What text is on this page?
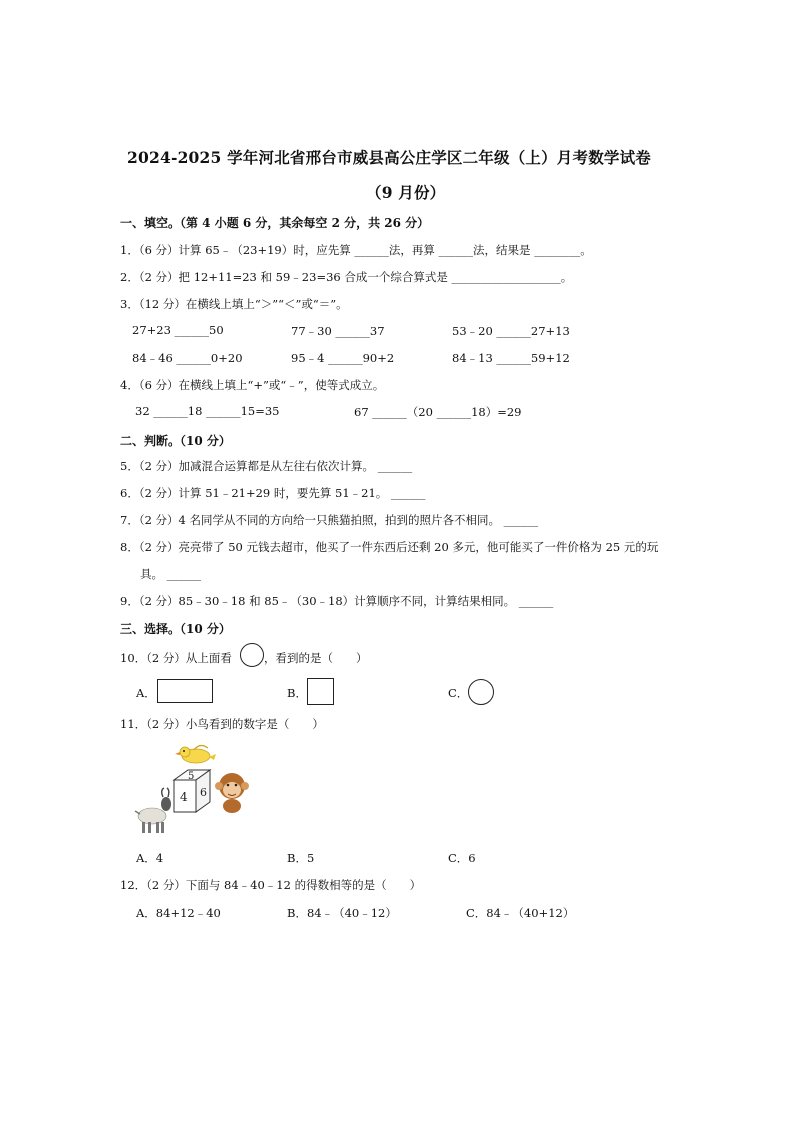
2024-2025 学年河北省邢台市威县高公庄学区二年级（上）月考数学试卷
（9 月份）
一、填空。（第 4 小题 6 分，其余每空 2 分，共 26 分）
1．（6 分）计算 65﹣（23+19）时，应先算 ______法，再算 ______法，结果是 ________。
2．（2 分）把 12+11=23 和 59﹣23=36 合成一个综合算式是 ___________________。
3．（12 分）在横线上填上“＞”“＜”或“＝”。
27+23 ______50	77﹣30 ______37	53﹣20 ______27+13
84﹣46 ______0+20	95﹣4 ______90+2	84﹣13 ______59+12
4．（6 分）在横线上填上“+”或“﹣”，使等式成立。
32 ______18 ______15=35	67 ______（20 ______18）=29
二、判断。（10 分）
5．（2 分）加减混合运算都是从左往右依次计算。 ______
6．（2 分）计算 51﹣21+29 时，要先算 51﹣21。 ______
7．（2 分）4 名同学从不同的方向给一只熊猫拍照，拍到的照片各不相同。 ______
8．（2 分）亮亮带了 50 元钱去超市，他买了一件东西后还剩 20 多元，他可能买了一件价格为 25 元的玩
具。 ______
9．（2 分）85﹣30﹣18 和 85﹣（30﹣18）计算顺序不同，计算结果相同。 ______
三、选择。（10 分）
10．（2 分）从上面看	，看到的是（　　）
A．	B．	C．
11．（2 分）小鸟看到的数字是（　　）
5
4 6
A．4	B．5	C．6
12．（2 分）下面与 84﹣40﹣12 的得数相等的是（　　）
A．84+12﹣40	B．84﹣（40﹣12）	C．84﹣（40+12）
